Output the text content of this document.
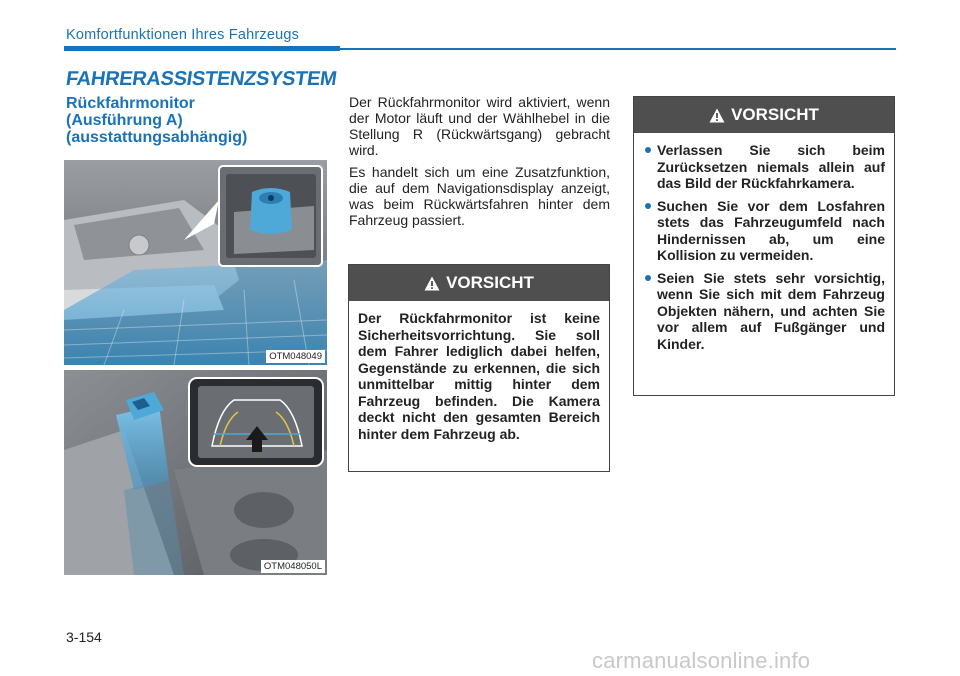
Komfortfunktionen Ihres Fahrzeugs
FAHRERASSISTENZSYSTEM
Rückfahrmonitor
(Ausführung A)
(ausstattungsabhängig)
OTM048049
OTM048050L

Der Rückfahrmonitor wird aktiviert, wenn der Motor läuft und der Wählhebel in die Stellung R (Rückwärtsgang) gebracht wird.

Es handelt sich um eine Zusatzfunktion, die auf dem Navigationsdisplay anzeigt, was beim Rückwärtsfahren hinter dem Fahrzeug passiert.

VORSICHT
Der Rückfahrmonitor ist keine Sicherheitsvorrichtung. Sie soll dem Fahrer lediglich dabei helfen, Gegenstände zu erkennen, die sich unmittelbar mittig hinter dem Fahrzeug befinden. Die Kamera deckt nicht den gesamten Bereich hinter dem Fahrzeug ab.
VORSICHT
Verlassen Sie sich beim Zurücksetzen niemals allein auf das Bild der Rückfahrkamera.
Suchen Sie vor dem Losfahren stets das Fahrzeugumfeld nach Hindernissen ab, um eine Kollision zu vermeiden.
Seien Sie stets sehr vorsichtig, wenn Sie sich mit dem Fahrzeug Objekten nähern, und achten Sie vor allem auf Fußgänger und Kinder.
3-154
carmanualsonline.info
